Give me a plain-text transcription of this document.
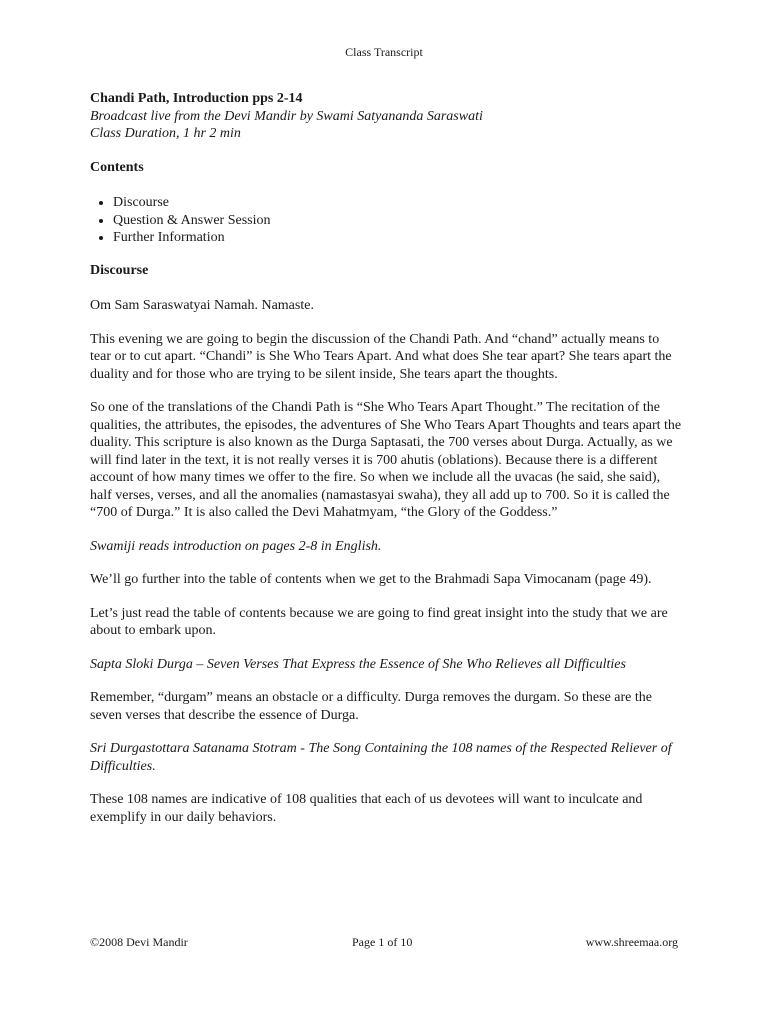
Class Transcript

Chandi Path, Introduction pps 2-14

Broadcast live from the Devi Mandir by Swami Satyananda Saraswati

Class Duration, 1 hr 2 min

Contents
• Discourse
• Question & Answer Session
• Further Information
Discourse

Om Sam Saraswatyai Namah. Namaste.

This evening we are going to begin the discussion of the Chandi Path. And “chand” actually means to tear or to cut apart. “Chandi” is She Who Tears Apart. And what does She tear apart? She tears apart the duality and for those who are trying to be silent inside, She tears apart the thoughts.

So one of the translations of the Chandi Path is “She Who Tears Apart Thought.” The recitation of the qualities, the attributes, the episodes, the adventures of She Who Tears Apart Thoughts and tears apart the duality. This scripture is also known as the Durga Saptasati, the 700 verses about Durga. Actually, as we will find later in the text, it is not really verses it is 700 ahutis (oblations). Because there is a different account of how many times we offer to the fire. So when we include all the uvacas (he said, she said), half verses, verses, and all the anomalies (namastasyai swaha), they all add up to 700. So it is called the “700 of Durga.” It is also called the Devi Mahatmyam, “the Glory of the Goddess.”

Swamiji reads introduction on pages 2-8 in English.

We’ll go further into the table of contents when we get to the Brahmadi Sapa Vimocanam (page 49).

Let’s just read the table of contents because we are going to find great insight into the study that we are about to embark upon.

Sapta Sloki Durga – Seven Verses That Express the Essence of She Who Relieves all Difficulties

Remember, “durgam” means an obstacle or a difficulty. Durga removes the durgam. So these are the seven verses that describe the essence of Durga.

Sri Durgastottara Satanama Stotram - The Song Containing the 108 names of the Respected Reliever of Difficulties.

These 108 names are indicative of 108 qualities that each of us devotees will want to inculcate and exemplify in our daily behaviors.

©2008 Devi Mandir	Page 1 of 10	www.shreemaa.org
